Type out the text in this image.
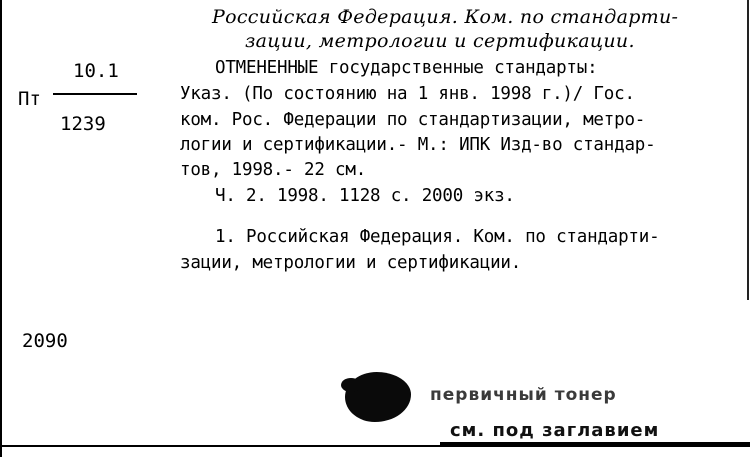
Российская Федерация. Ком. по стандарти-
зации, метрологии и сертификации.
Пт
10.1
1239
ОТМЕНЕННЫЕ государственные стандарты:
Указ. (По состоянию на 1 янв. 1998 г.)/ Гос.
ком. Рос. Федерации по стандартизации, метро-
логии и сертификации.- М.: ИПК Изд-во стандар-
тов, 1998.- 22 см.
Ч. 2. 1998. 1128 с. 2000 экз.
1. Российская Федерация. Ком. по стандарти-
зации, метрологии и сертификации.
2090
первичный тонер
см. под заглавием
